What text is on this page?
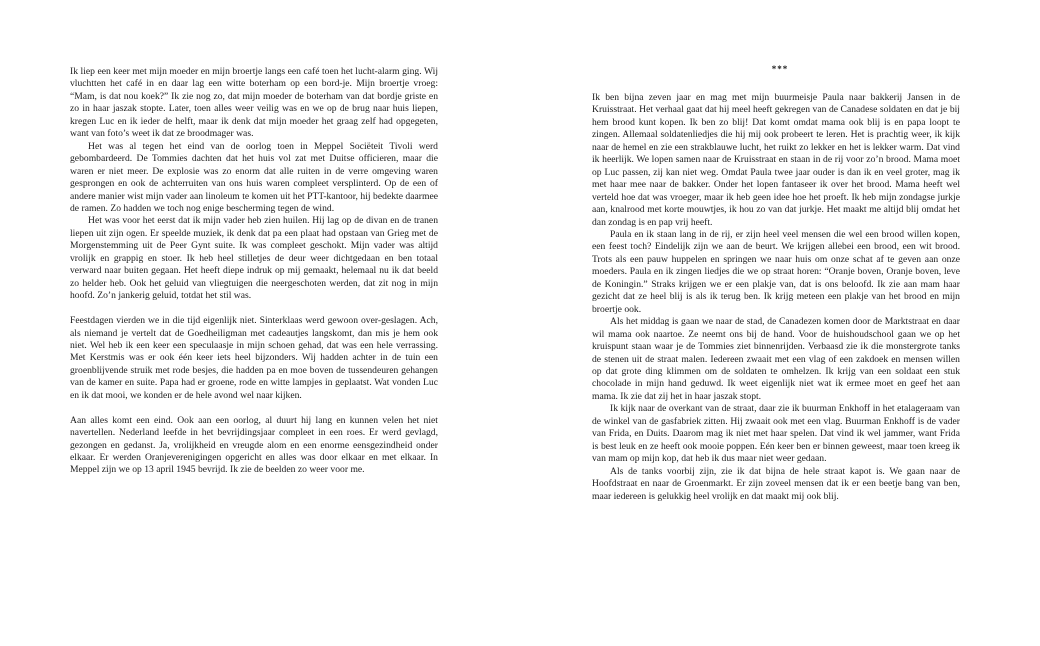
Ik liep een keer met mijn moeder en mijn broertje langs een café toen het lucht-alarm ging. Wij vluchtten het café in en daar lag een witte boterham op een bord-je. Mijn broertje vroeg: “Mam, is dat nou koek?” Ik zie nog zo, dat mijn moeder de boterham van dat bordje griste en zo in haar jaszak stopte. Later, toen alles weer veilig was en we op de brug naar huis liepen, kregen Luc en ik ieder de helft, maar ik denk dat mijn moeder het graag zelf had opgegeten, want van foto’s weet ik dat ze broodmager was.

Het was al tegen het eind van de oorlog toen in Meppel Sociëteit Tivoli werd gebombardeerd. De Tommies dachten dat het huis vol zat met Duitse officieren, maar die waren er niet meer. De explosie was zo enorm dat alle ruiten in de verre omgeving waren gesprongen en ook de achterruiten van ons huis waren compleet versplinterd. Op de een of andere manier wist mijn vader aan linoleum te komen uit het PTT-kantoor, hij bedekte daarmee de ramen. Zo hadden we toch nog enige bescherming tegen de wind.

Het was voor het eerst dat ik mijn vader heb zien huilen. Hij lag op de divan en de tranen liepen uit zijn ogen. Er speelde muziek, ik denk dat pa een plaat had opstaan van Grieg met de Morgenstemming uit de Peer Gynt suite. Ik was compleet geschokt. Mijn vader was altijd vrolijk en grappig en stoer. Ik heb heel stilletjes de deur weer dichtgedaan en ben totaal verward naar buiten gegaan. Het heeft diepe indruk op mij gemaakt, helemaal nu ik dat beeld zo helder heb. Ook het geluid van vliegtuigen die neergeschoten werden, dat zit nog in mijn hoofd. Zo’n jankerig geluid, totdat het stil was.

Feestdagen vierden we in die tijd eigenlijk niet. Sinterklaas werd gewoon over-geslagen. Ach, als niemand je vertelt dat de Goedheiligman met cadeautjes langskomt, dan mis je hem ook niet. Wel heb ik een keer een speculaasje in mijn schoen gehad, dat was een hele verrassing. Met Kerstmis was er ook één keer iets heel bijzonders. Wij hadden achter in de tuin een groenblijvende struik met rode besjes, die hadden pa en moe boven de tussendeuren gehangen van de kamer en suite. Papa had er groene, rode en witte lampjes in geplaatst. Wat vonden Luc en ik dat mooi, we konden er de hele avond wel naar kijken.

Aan alles komt een eind. Ook aan een oorlog, al duurt hij lang en kunnen velen het niet navertellen. Nederland leefde in het bevrijdingsjaar compleet in een roes. Er werd gevlagd, gezongen en gedanst. Ja, vrolijkheid en vreugde alom en een enorme eensgezindheid onder elkaar. Er werden Oranjeverenigingen opgericht en alles was door elkaar en met elkaar. In Meppel zijn we op 13 april 1945 bevrijd. Ik zie de beelden zo weer voor me.

***

Ik ben bijna zeven jaar en mag met mijn buurmeisje Paula naar bakkerij Jansen in de Kruisstraat. Het verhaal gaat dat hij meel heeft gekregen van de Canadese soldaten en dat je bij hem brood kunt kopen. Ik ben zo blij! Dat komt omdat mama ook blij is en papa loopt te zingen. Allemaal soldatenliedjes die hij mij ook probeert te leren. Het is prachtig weer, ik kijk naar de hemel en zie een strakblauwe lucht, het ruikt zo lekker en het is lekker warm. Dat vind ik heerlijk. We lopen samen naar de Kruisstraat en staan in de rij voor zo’n brood. Mama moet op Luc passen, zij kan niet weg. Omdat Paula twee jaar ouder is dan ik en veel groter, mag ik met haar mee naar de bakker. Onder het lopen fantaseer ik over het brood. Mama heeft wel verteld hoe dat was vroeger, maar ik heb geen idee hoe het proeft. Ik heb mijn zondagse jurkje aan, knalrood met korte mouwtjes, ik hou zo van dat jurkje. Het maakt me altijd blij omdat het dan zondag is en pap vrij heeft.

Paula en ik staan lang in de rij, er zijn heel veel mensen die wel een brood willen kopen, een feest toch? Eindelijk zijn we aan de beurt. We krijgen allebei een brood, een wit brood. Trots als een pauw huppelen en springen we naar huis om onze schat af te geven aan onze moeders. Paula en ik zingen liedjes die we op straat horen: “Oranje boven, Oranje boven, leve de Koningin.” Straks krijgen we er een plakje van, dat is ons beloofd. Ik zie aan mam haar gezicht dat ze heel blij is als ik terug ben. Ik krijg meteen een plakje van het brood en mijn broertje ook.

Als het middag is gaan we naar de stad, de Canadezen komen door de Marktstraat en daar wil mama ook naartoe. Ze neemt ons bij de hand. Voor de huishoudschool gaan we op het kruispunt staan waar je de Tommies ziet binnenrijden. Verbaasd zie ik die monstergrote tanks de stenen uit de straat malen. Iedereen zwaait met een vlag of een zakdoek en mensen willen op dat grote ding klimmen om de soldaten te omhelzen. Ik krijg van een soldaat een stuk chocolade in mijn hand geduwd. Ik weet eigenlijk niet wat ik ermee moet en geef het aan mama. Ik zie dat zij het in haar jaszak stopt.

Ik kijk naar de overkant van de straat, daar zie ik buurman Enkhoff in het etalageraam van de winkel van de gasfabriek zitten. Hij zwaait ook met een vlag. Buurman Enkhoff is de vader van Frida, en Duits. Daarom mag ik niet met haar spelen. Dat vind ik wel jammer, want Frida is best leuk en ze heeft ook mooie poppen. Eén keer ben er binnen geweest, maar toen kreeg ik van mam op mijn kop, dat heb ik dus maar niet weer gedaan.

Als de tanks voorbij zijn, zie ik dat bijna de hele straat kapot is. We gaan naar de Hoofdstraat en naar de Groenmarkt. Er zijn zoveel mensen dat ik er een beetje bang van ben, maar iedereen is gelukkig heel vrolijk en dat maakt mij ook blij.
